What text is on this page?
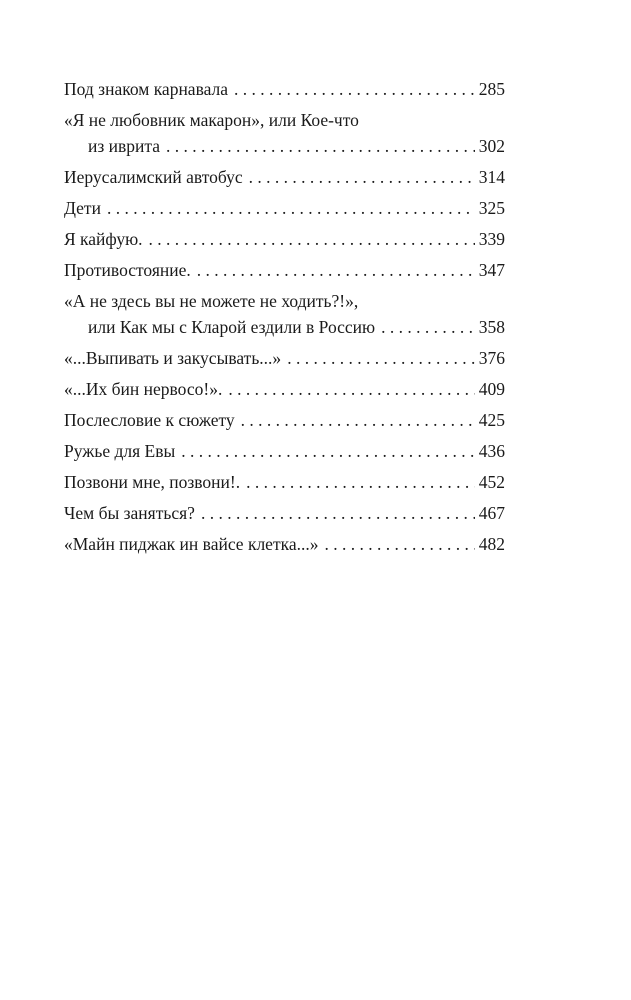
Под знаком карнавала . . .	285
«Я не любовник макарон», или Кое-что
из иврита . . .	302
Иерусалимский автобус . . .	314
Дети . . .	325
Я кайфую. . . .	339
Противостояние. . . .	347
«А не здесь вы не можете не ходить?!»,
или Как мы с Кларой ездили в Россию . . .	358
«...Выпивать и закусывать...» . . .	376
«...Их бин нервосо!». . . .	409
Послесловие к сюжету . . .	425
Ружье для Евы . . .	436
Позвони мне, позвони!. . . .	452
Чем бы заняться? . . .	467
«Майн пиджак ин вайсе клетка...» . . .	482
